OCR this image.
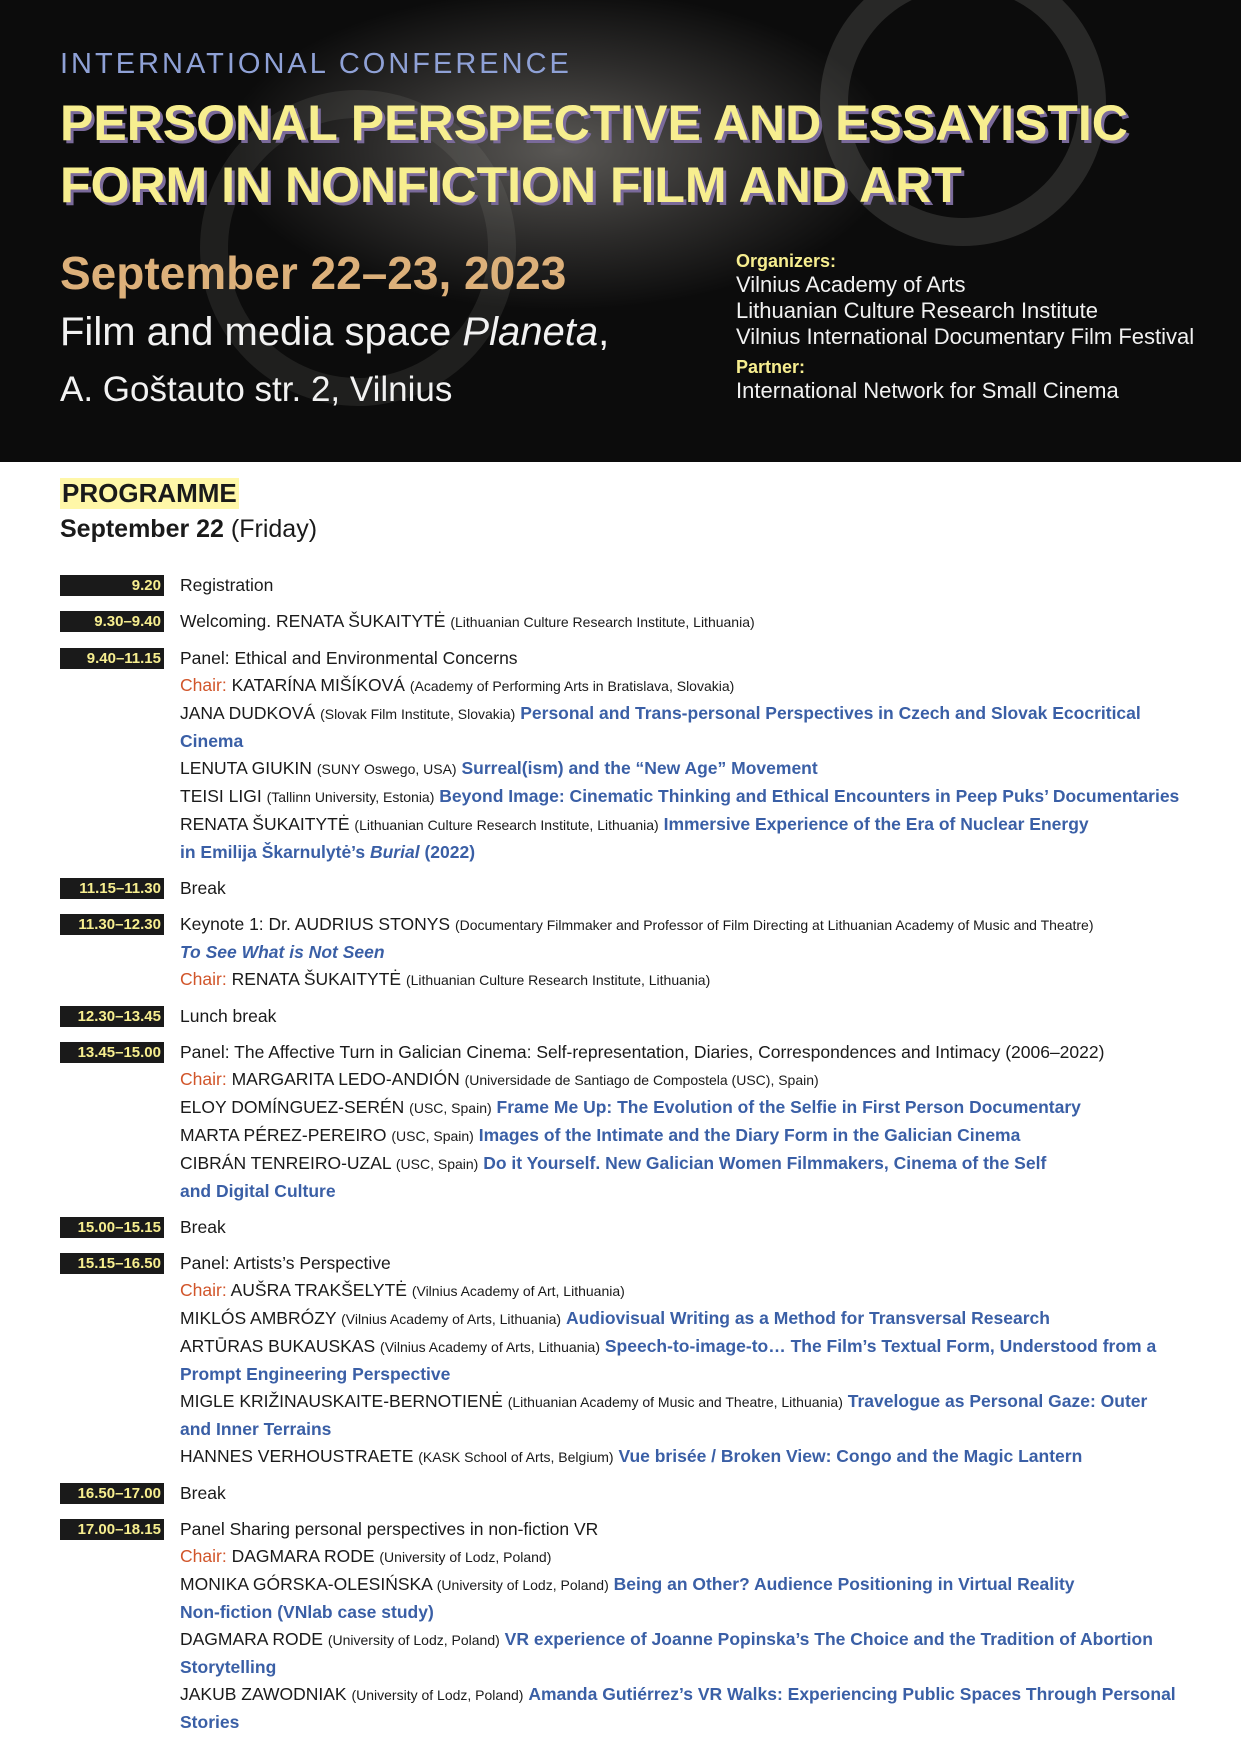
INTERNATIONAL CONFERENCE
PERSONAL PERSPECTIVE AND ESSAYISTIC
FORM IN NONFICTION FILM AND ART
September 22–23, 2023
Film and media space Planeta,
A. Goštauto str. 2, Vilnius
Organizers:
Vilnius Academy of Arts
Lithuanian Culture Research Institute
Vilnius International Documentary Film Festival
Partner:
International Network for Small Cinema
PROGRAMME
September 22 (Friday)
9.20 Registration
9.30–9.40 Welcoming. RENATA ŠUKAITYTĖ (Lithuanian Culture Research Institute, Lithuania)
9.40–11.15 Panel: Ethical and Environmental Concerns
Chair: KATARÍNA MIŠÍKOVÁ (Academy of Performing Arts in Bratislava, Slovakia)
JANA DUDKOVÁ (Slovak Film Institute, Slovakia) Personal and Trans-personal Perspectives in Czech and Slovak Ecocritical Cinema
LENUTA GIUKIN (SUNY Oswego, USA) Surreal(ism) and the “New Age” Movement
TEISI LIGI (Tallinn University, Estonia) Beyond Image: Cinematic Thinking and Ethical Encounters in Peep Puks’ Documentaries
RENATA ŠUKAITYTĖ (Lithuanian Culture Research Institute, Lithuania) Immersive Experience of the Era of Nuclear Energy
in Emilija Škarnulytė’s Burial (2022)
11.15–11.30 Break
11.30–12.30 Keynote 1: Dr. AUDRIUS STONYS (Documentary Filmmaker and Professor of Film Directing at Lithuanian Academy of Music and Theatre)
To See What is Not Seen
Chair: RENATA ŠUKAITYTĖ (Lithuanian Culture Research Institute, Lithuania)
12.30–13.45 Lunch break
13.45–15.00 Panel: The Affective Turn in Galician Cinema: Self-representation, Diaries, Correspondences and Intimacy (2006–2022)
Chair: MARGARITA LEDO-ANDIÓN (Universidade de Santiago de Compostela (USC), Spain)
ELOY DOMÍNGUEZ-SERÉN (USC, Spain) Frame Me Up: The Evolution of the Selfie in First Person Documentary
MARTA PÉREZ-PEREIRO (USC, Spain) Images of the Intimate and the Diary Form in the Galician Cinema
CIBRÁN TENREIRO-UZAL (USC, Spain) Do it Yourself. New Galician Women Filmmakers, Cinema of the Self
and Digital Culture
15.00–15.15 Break
15.15–16.50 Panel: Artists’s Perspective
Chair: AUŠRA TRAKŠELYTĖ (Vilnius Academy of Art, Lithuania)
MIKLÓS AMBRÓZY (Vilnius Academy of Arts, Lithuania) Audiovisual Writing as a Method for Transversal Research
ARTŪRAS BUKAUSKAS (Vilnius Academy of Arts, Lithuania) Speech-to-image-to… The Film’s Textual Form, Understood from a
Prompt Engineering Perspective
MIGLE KRIŽINAUSKAITE-BERNOTIENĖ (Lithuanian Academy of Music and Theatre, Lithuania) Travelogue as Personal Gaze: Outer
and Inner Terrains
HANNES VERHOUSTRAETE (KASK School of Arts, Belgium) Vue brisée / Broken View: Congo and the Magic Lantern
16.50–17.00 Break
17.00–18.15 Panel Sharing personal perspectives in non-fiction VR
Chair: DAGMARA RODE (University of Lodz, Poland)
MONIKA GÓRSKA-OLESIŃSKA (University of Lodz, Poland) Being an Other? Audience Positioning in Virtual Reality
Non-fiction (VNlab case study)
DAGMARA RODE (University of Lodz, Poland) VR experience of Joanne Popinska’s The Choice and the Tradition of Abortion
Storytelling
JAKUB ZAWODNIAK (University of Lodz, Poland) Amanda Gutiérrez’s VR Walks: Experiencing Public Spaces Through Personal Stories
